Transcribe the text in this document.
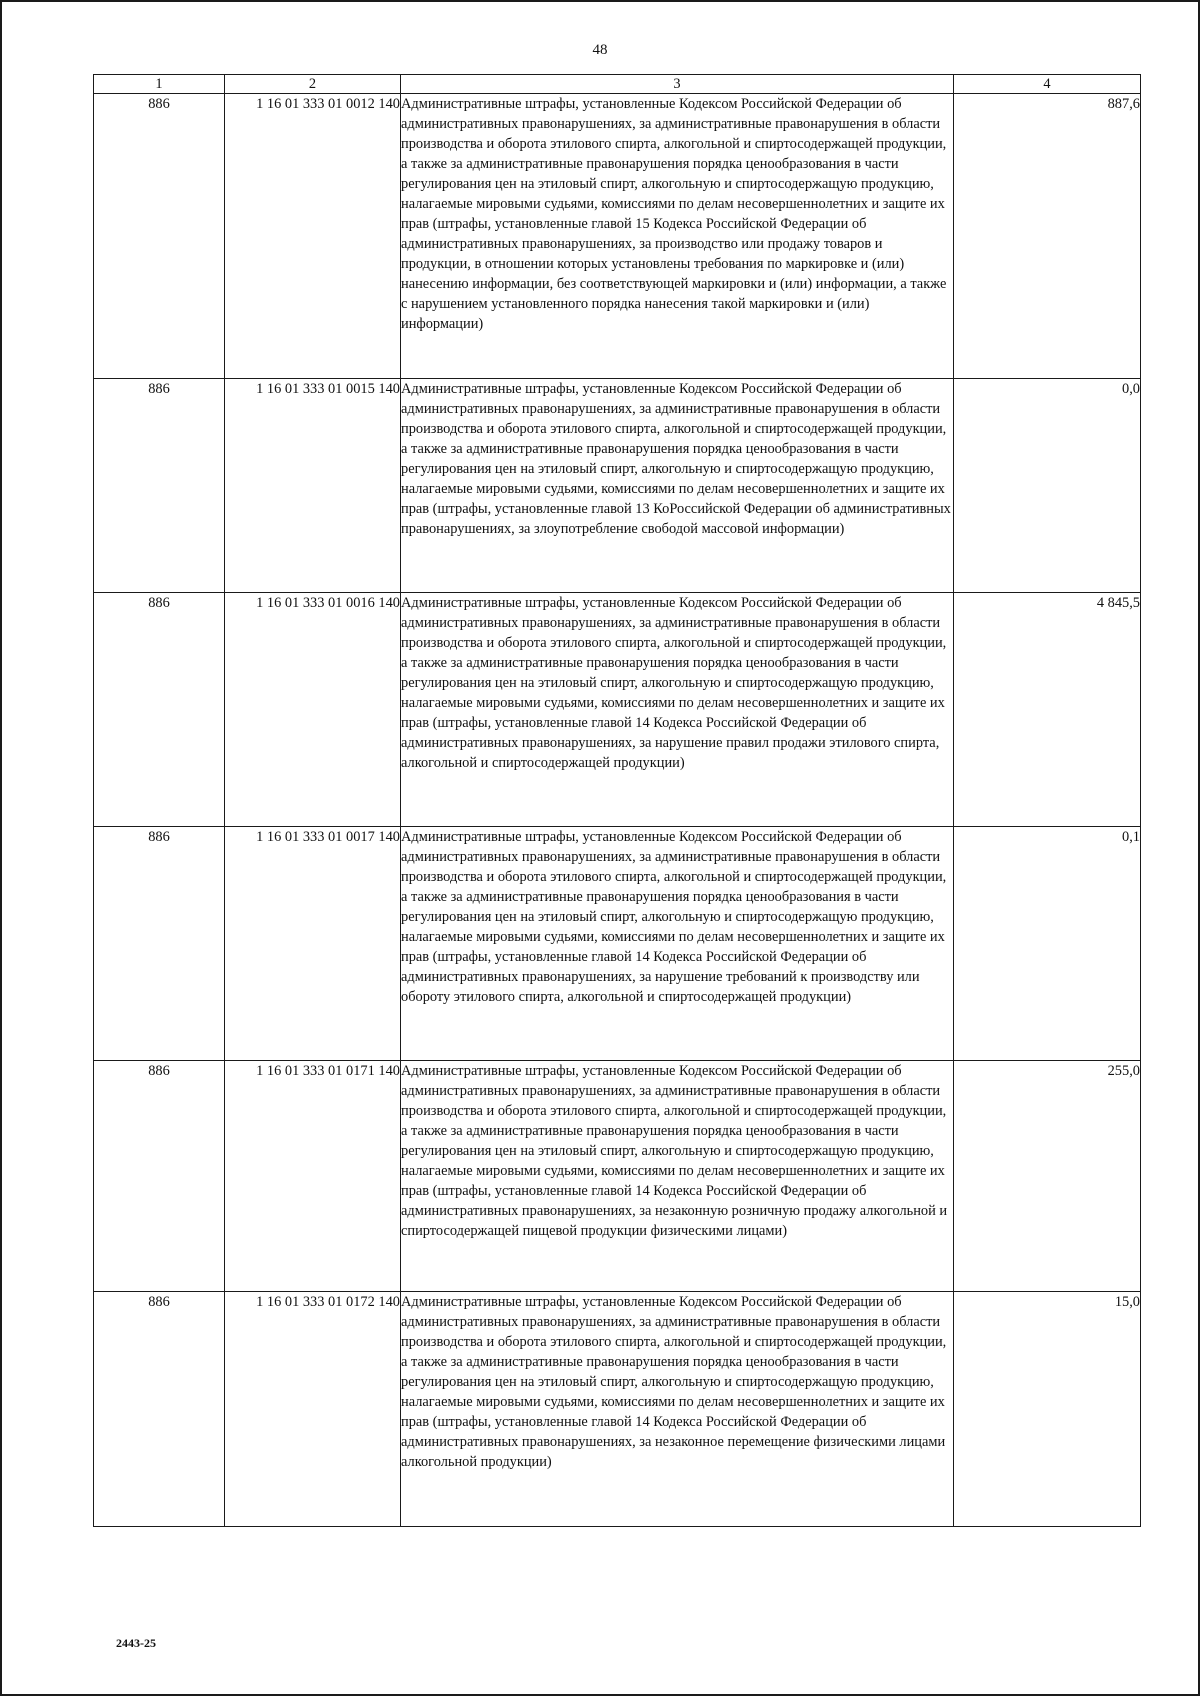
48
1	2	3	4
886	1 16 01 333 01 0012 140	Административные штрафы, установленные Кодексом Российской Федерации об административных правонарушениях, за административные правонарушения в области производства и оборота этилового спирта, алкогольной и спиртосодержащей продукции, а также за административные правонарушения порядка ценообразования в части регулирования цен на этиловый спирт, алкогольную и спиртосодержащую продукцию, налагаемые мировыми судьями, комиссиями по делам несовершеннолетних и защите их прав (штрафы, установленные главой 15 Кодекса Российской Федерации об административных правонарушениях, за производство или продажу товаров и продукции, в отношении которых установлены требования по маркировке и (или) нанесению информации, без соответствующей маркировки и (или) информации, а также с нарушением установленного порядка нанесения такой маркировки и (или) информации)	887,6
886	1 16 01 333 01 0015 140	Административные штрафы, установленные Кодексом Российской Федерации об административных правонарушениях, за административные правонарушения в области производства и оборота этилового спирта, алкогольной и спиртосодержащей продукции, а также за административные правонарушения порядка ценообразования в части регулирования цен на этиловый спирт, алкогольную и спиртосодержащую продукцию, налагаемые мировыми судьями, комиссиями по делам несовершеннолетних и защите их прав (штрафы, установленные главой 13 КоРоссийской Федерации об административных правонарушениях, за злоупотребление свободой массовой информации)	0,0
886	1 16 01 333 01 0016 140	Административные штрафы, установленные Кодексом Российской Федерации об административных правонарушениях, за административные правонарушения в области производства и оборота этилового спирта, алкогольной и спиртосодержащей продукции, а также за административные правонарушения порядка ценообразования в части регулирования цен на этиловый спирт, алкогольную и спиртосодержащую продукцию, налагаемые мировыми судьями, комиссиями по делам несовершеннолетних и защите их прав (штрафы, установленные главой 14 Кодекса Российской Федерации об административных правонарушениях, за нарушение правил продажи этилового спирта, алкогольной и спиртосодержащей продукции)	4 845,5
886	1 16 01 333 01 0017 140	Административные штрафы, установленные Кодексом Российской Федерации об административных правонарушениях, за административные правонарушения в области производства и оборота этилового спирта, алкогольной и спиртосодержащей продукции, а также за административные правонарушения порядка ценообразования в части регулирования цен на этиловый спирт, алкогольную и спиртосодержащую продукцию, налагаемые мировыми судьями, комиссиями по делам несовершеннолетних и защите их прав (штрафы, установленные главой 14 Кодекса Российской Федерации об административных правонарушениях, за нарушение требований к производству или обороту этилового спирта, алкогольной и спиртосодержащей продукции)	0,1
886	1 16 01 333 01 0171 140	Административные штрафы, установленные Кодексом Российской Федерации об административных правонарушениях, за административные правонарушения в области производства и оборота этилового спирта, алкогольной и спиртосодержащей продукции, а также за административные правонарушения порядка ценообразования в части регулирования цен на этиловый спирт, алкогольную и спиртосодержащую продукцию, налагаемые мировыми судьями, комиссиями по делам несовершеннолетних и защите их прав (штрафы, установленные главой 14 Кодекса Российской Федерации об административных правонарушениях, за незаконную розничную продажу алкогольной и спиртосодержащей пищевой продукции физическими лицами)	255,0
886	1 16 01 333 01 0172 140	Административные штрафы, установленные Кодексом Российской Федерации об административных правонарушениях, за административные правонарушения в области производства и оборота этилового спирта, алкогольной и спиртосодержащей продукции, а также за административные правонарушения порядка ценообразования в части регулирования цен на этиловый спирт, алкогольную и спиртосодержащую продукцию, налагаемые мировыми судьями, комиссиями по делам несовершеннолетних и защите их прав (штрафы, установленные главой 14 Кодекса Российской Федерации об административных правонарушениях, за незаконное перемещение физическими лицами алкогольной продукции)	15,0
2443-25
